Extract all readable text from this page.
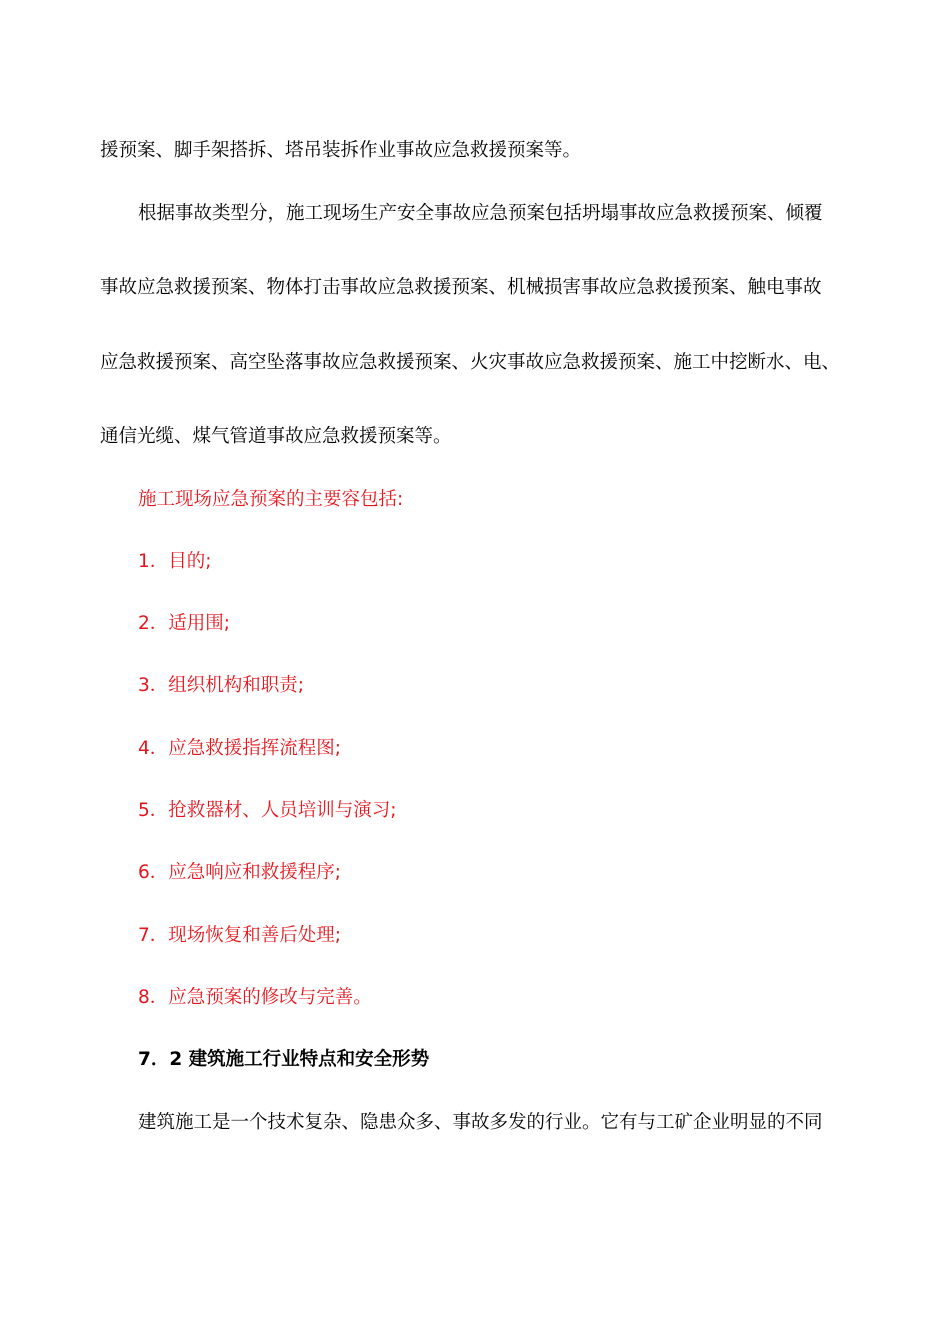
援预案、脚手架搭拆、塔吊装拆作业事故应急救援预案等。
根据事故类型分，施工现场生产安全事故应急预案包括坍塌事故应急救援预案、倾覆
事故应急救援预案、物体打击事故应急救援预案、机械损害事故应急救援预案、触电事故
应急救援预案、高空坠落事故应急救援预案、火灾事故应急救援预案、施工中挖断水、电、
通信光缆、煤气管道事故应急救援预案等。
施工现场应急预案的主要容包括:
1．目的;
2．适用围;
3．组织机构和职责;
4．应急救援指挥流程图;
5．抢救器材、人员培训与演习;
6．应急响应和救援程序;
7．现场恢复和善后处理;
8．应急预案的修改与完善。
7．2 建筑施工行业特点和安全形势
建筑施工是一个技术复杂、隐患众多、事故多发的行业。它有与工矿企业明显的不同
